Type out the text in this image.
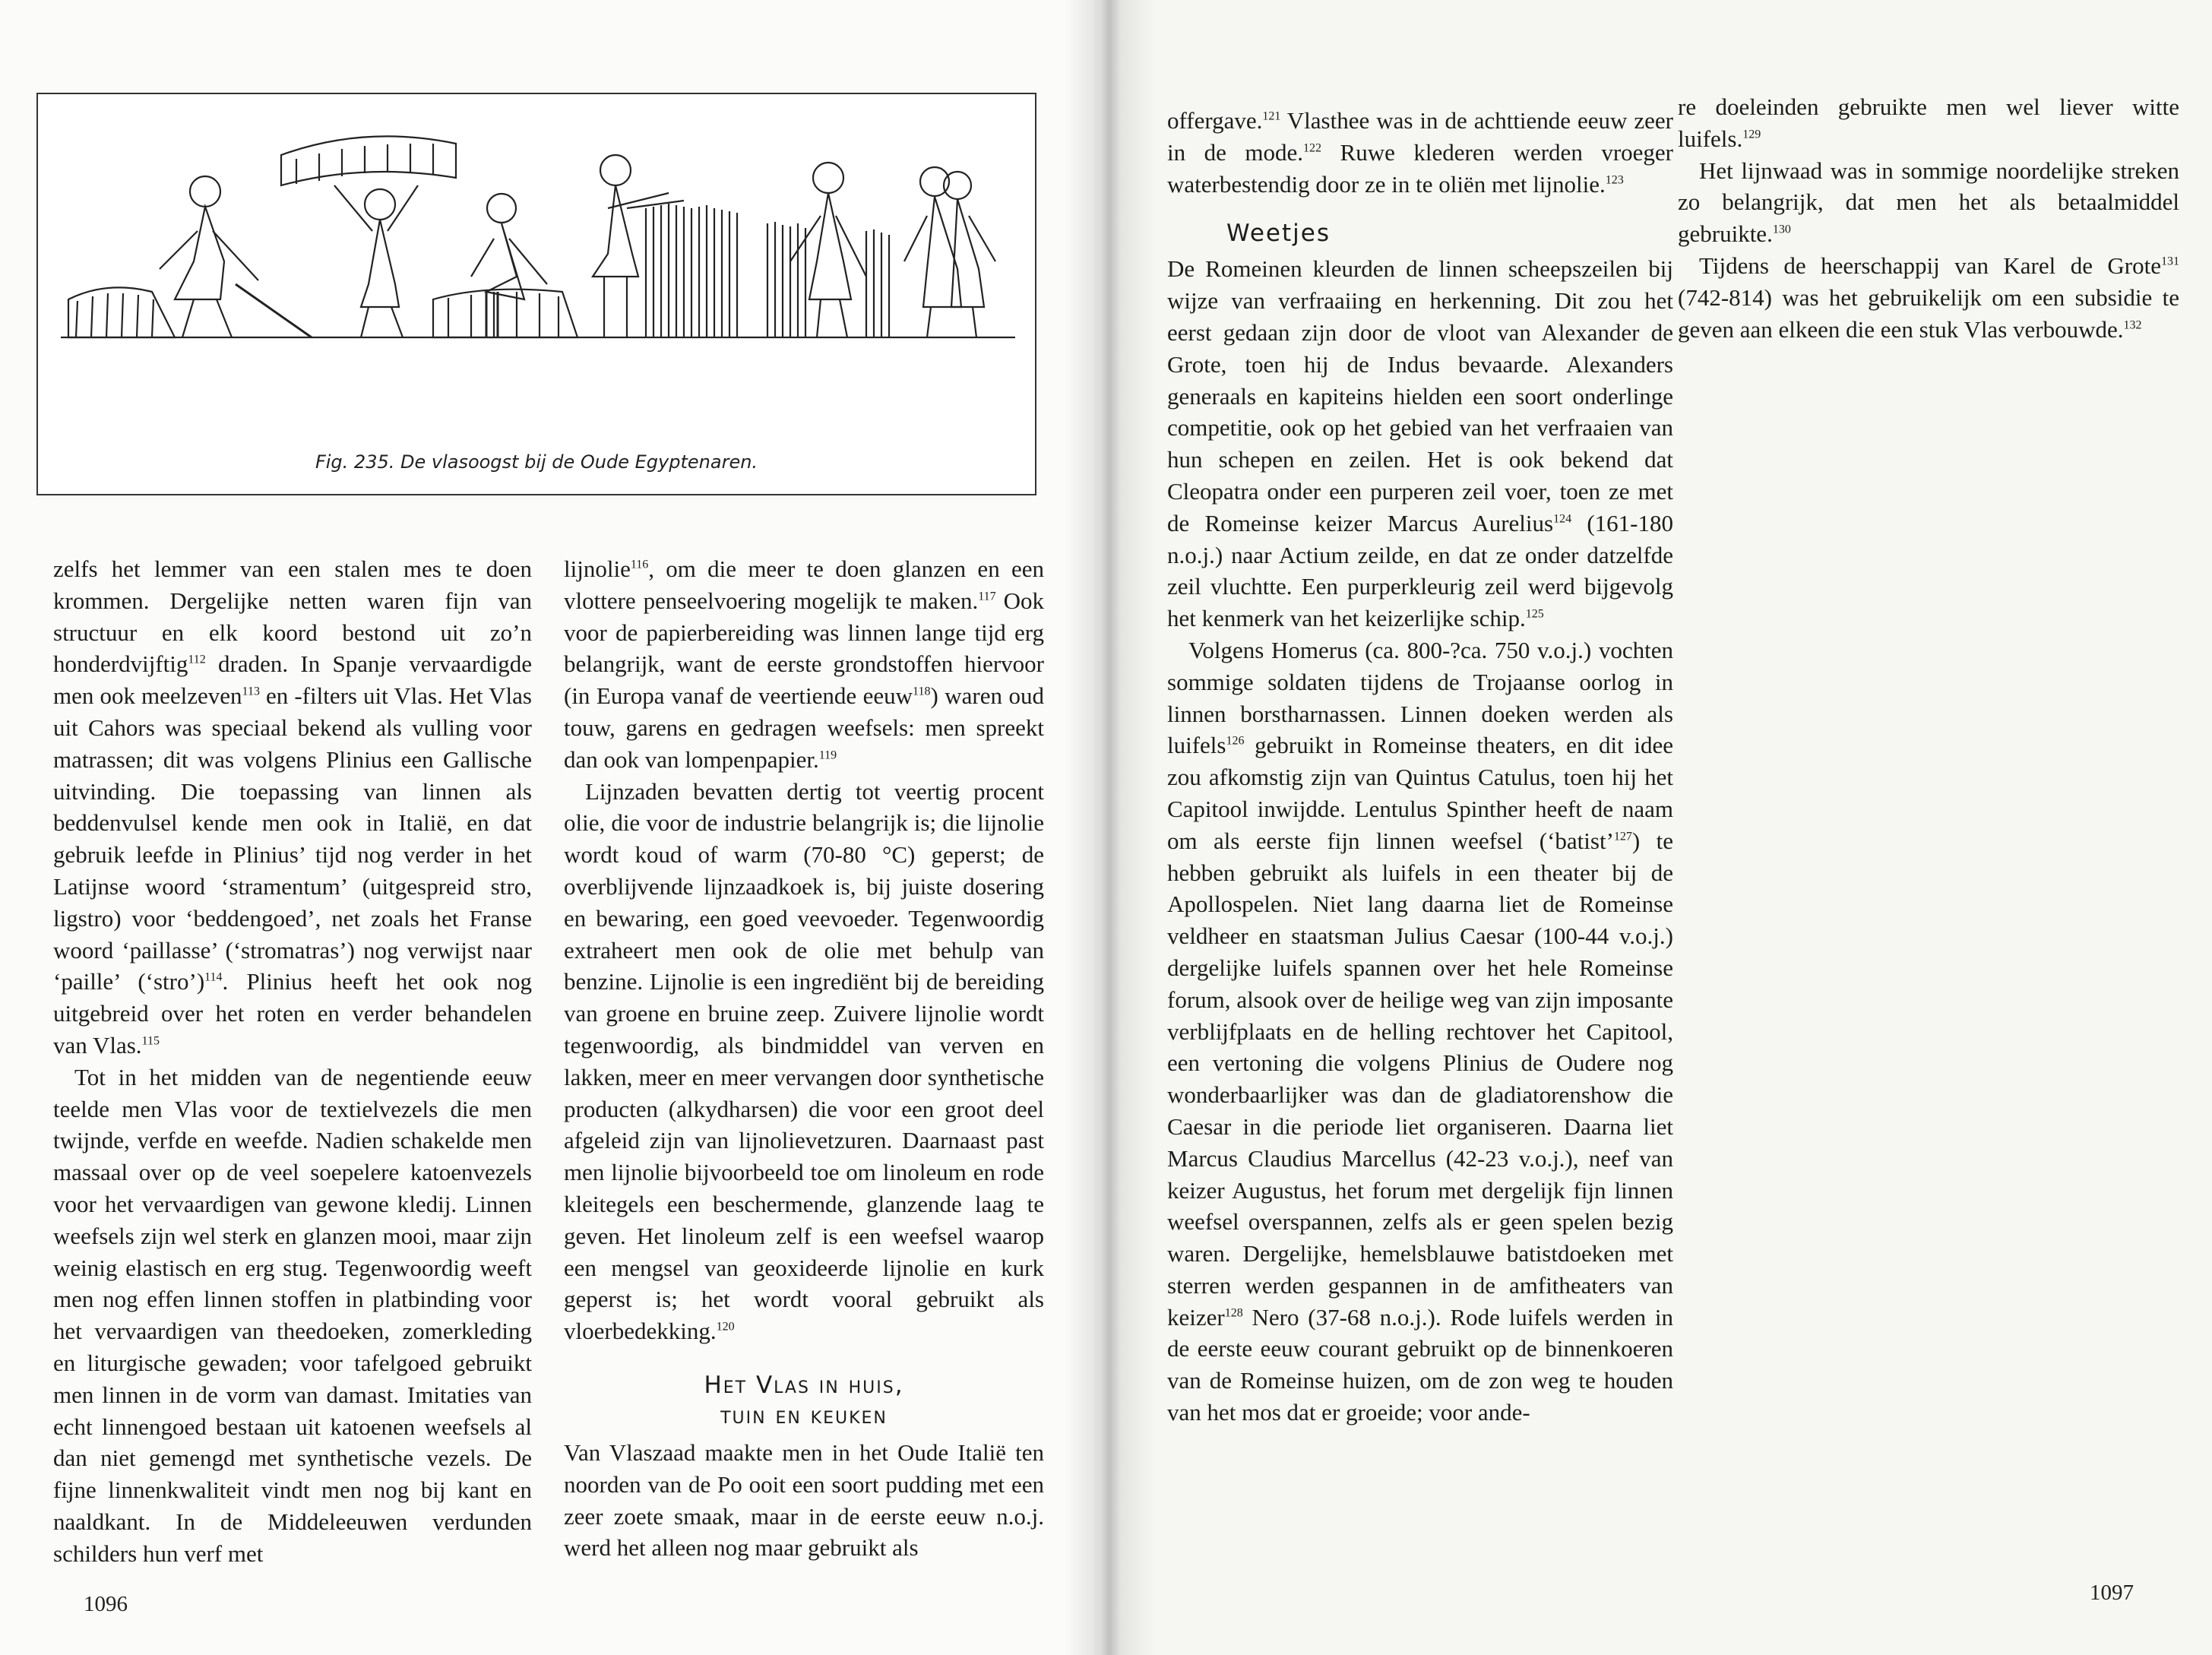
Fig. 235. De vlasoogst bij de Oude Egyptenaren.

zelfs het lemmer van een stalen mes te doen krommen. Dergelijke netten waren fijn van structuur en elk koord bestond uit zo’n honderdvijftig$^{112}$ draden. In Spanje vervaardigde men ook meelzeven$^{113}$ en -filters uit Vlas. Het Vlas uit Cahors was speciaal bekend als vulling voor matrassen; dit was volgens Plinius een Gallische uitvinding. Die toepassing van linnen als beddenvulsel kende men ook in Italië, en dat gebruik leefde in Plinius’ tijd nog verder in het Latijnse woord ‘stramentum’ (uitgespreid stro, ligstro) voor ‘beddengoed’, net zoals het Franse woord ‘paillasse’ (‘stromatras’) nog verwijst naar ‘paille’ (‘stro’)$^{114}$. Plinius heeft het ook nog uitgebreid over het roten en verder behandelen van Vlas.$^{115}$

Tot in het midden van de negentiende eeuw teelde men Vlas voor de textielvezels die men twijnde, verfde en weefde. Nadien schakelde men massaal over op de veel soepelere katoenvezels voor het vervaardigen van gewone kledij. Linnen weefsels zijn wel sterk en glanzen mooi, maar zijn weinig elastisch en erg stug. Tegenwoordig weeft men nog effen linnen stoffen in platbinding voor het vervaardigen van theedoeken, zomerkleding en liturgische gewaden; voor tafelgoed gebruikt men linnen in de vorm van damast. Imitaties van echt linnengoed bestaan uit katoenen weefsels al dan niet gemengd met synthetische vezels. De fijne linnenkwaliteit vindt men nog bij kant en naaldkant. In de Middeleeuwen verdunden schilders hun verf met

lijnolie$^{116}$, om die meer te doen glanzen en een vlottere penseelvoering mogelijk te maken.$^{117}$ Ook voor de papierbereiding was linnen lange tijd erg belangrijk, want de eerste grondstoffen hiervoor (in Europa vanaf de veertiende eeuw$^{118}$) waren oud touw, garens en gedragen weefsels: men spreekt dan ook van lompenpapier.$^{119}$

Lijnzaden bevatten dertig tot veertig procent olie, die voor de industrie belangrijk is; die lijnolie wordt koud of warm (70-80 °C) geperst; de overblijvende lijnzaadkoek is, bij juiste dosering en bewaring, een goed veevoeder. Tegenwoordig extraheert men ook de olie met behulp van benzine. Lijnolie is een ingrediënt bij de bereiding van groene en bruine zeep. Zuivere lijnolie wordt tegenwoordig, als bindmiddel van verven en lakken, meer en meer vervangen door synthetische producten (alkydharsen) die voor een groot deel afgeleid zijn van lijnolievetzuren. Daarnaast past men lijnolie bijvoorbeeld toe om linoleum en rode kleitegels een beschermende, glanzende laag te geven. Het linoleum zelf is een weefsel waarop een mengsel van geoxideerde lijnolie en kurk geperst is; het wordt vooral gebruikt als vloerbedekking.$^{120}$

Het Vlas in huis,
tuin en keuken

Van Vlaszaad maakte men in het Oude Italië ten noorden van de Po ooit een soort pudding met een zeer zoete smaak, maar in de eerste eeuw n.o.j. werd het alleen nog maar gebruikt als

1096

offergave.$^{121}$ Vlasthee was in de achttiende eeuw zeer in de mode.$^{122}$ Ruwe klederen werden vroeger waterbestendig door ze in te oliën met lijnolie.$^{123}$

Weetjes

De Romeinen kleurden de linnen scheepszeilen bij wijze van verfraaiing en herkenning. Dit zou het eerst gedaan zijn door de vloot van Alexander de Grote, toen hij de Indus bevaarde. Alexanders generaals en kapiteins hielden een soort onderlinge competitie, ook op het gebied van het verfraaien van hun schepen en zeilen. Het is ook bekend dat Cleopatra onder een purperen zeil voer, toen ze met de Romeinse keizer Marcus Aurelius$^{124}$ (161-180 n.o.j.) naar Actium zeilde, en dat ze onder datzelfde zeil vluchtte. Een purperkleurig zeil werd bijgevolg het kenmerk van het keizerlijke schip.$^{125}$

Volgens Homerus (ca. 800-?ca. 750 v.o.j.) vochten sommige soldaten tijdens de Trojaanse oorlog in linnen borstharnassen. Linnen doeken werden als luifels$^{126}$ gebruikt in Romeinse theaters, en dit idee zou afkomstig zijn van Quintus Catulus, toen hij het Capitool inwijdde. Lentulus Spinther heeft de naam om als eerste fijn linnen weefsel (‘batist’$^{127}$) te hebben gebruikt als luifels in een theater bij de Apollospelen. Niet lang daarna liet de Romeinse veldheer en staatsman Julius Caesar (100-44 v.o.j.) dergelijke luifels spannen over het hele Romeinse forum, alsook over de heilige weg van zijn imposante verblijfplaats en de helling rechtover het Capitool, een vertoning die volgens Plinius de Oudere nog wonderbaarlijker was dan de gladiatorenshow die Caesar in die periode liet organiseren. Daarna liet Marcus Claudius Marcellus (42-23 v.o.j.), neef van keizer Augustus, het forum met dergelijk fijn linnen weefsel overspannen, zelfs als er geen spelen bezig waren. Dergelijke, hemelsblauwe batistdoeken met sterren werden gespannen in de amfitheaters van keizer$^{128}$ Nero (37-68 n.o.j.). Rode luifels werden in de eerste eeuw courant gebruikt op de binnenkoeren van de Romeinse huizen, om de zon weg te houden van het mos dat er groeide; voor ande-

re doeleinden gebruikte men wel liever witte luifels.$^{129}$

Het lijnwaad was in sommige noordelijke streken zo belangrijk, dat men het als betaalmiddel gebruikte.$^{130}$

Tijdens de heerschappij van Karel de Grote$^{131}$ (742-814) was het gebruikelijk om een subsidie te geven aan elkeen die een stuk Vlas verbouwde.$^{132}$

1097
